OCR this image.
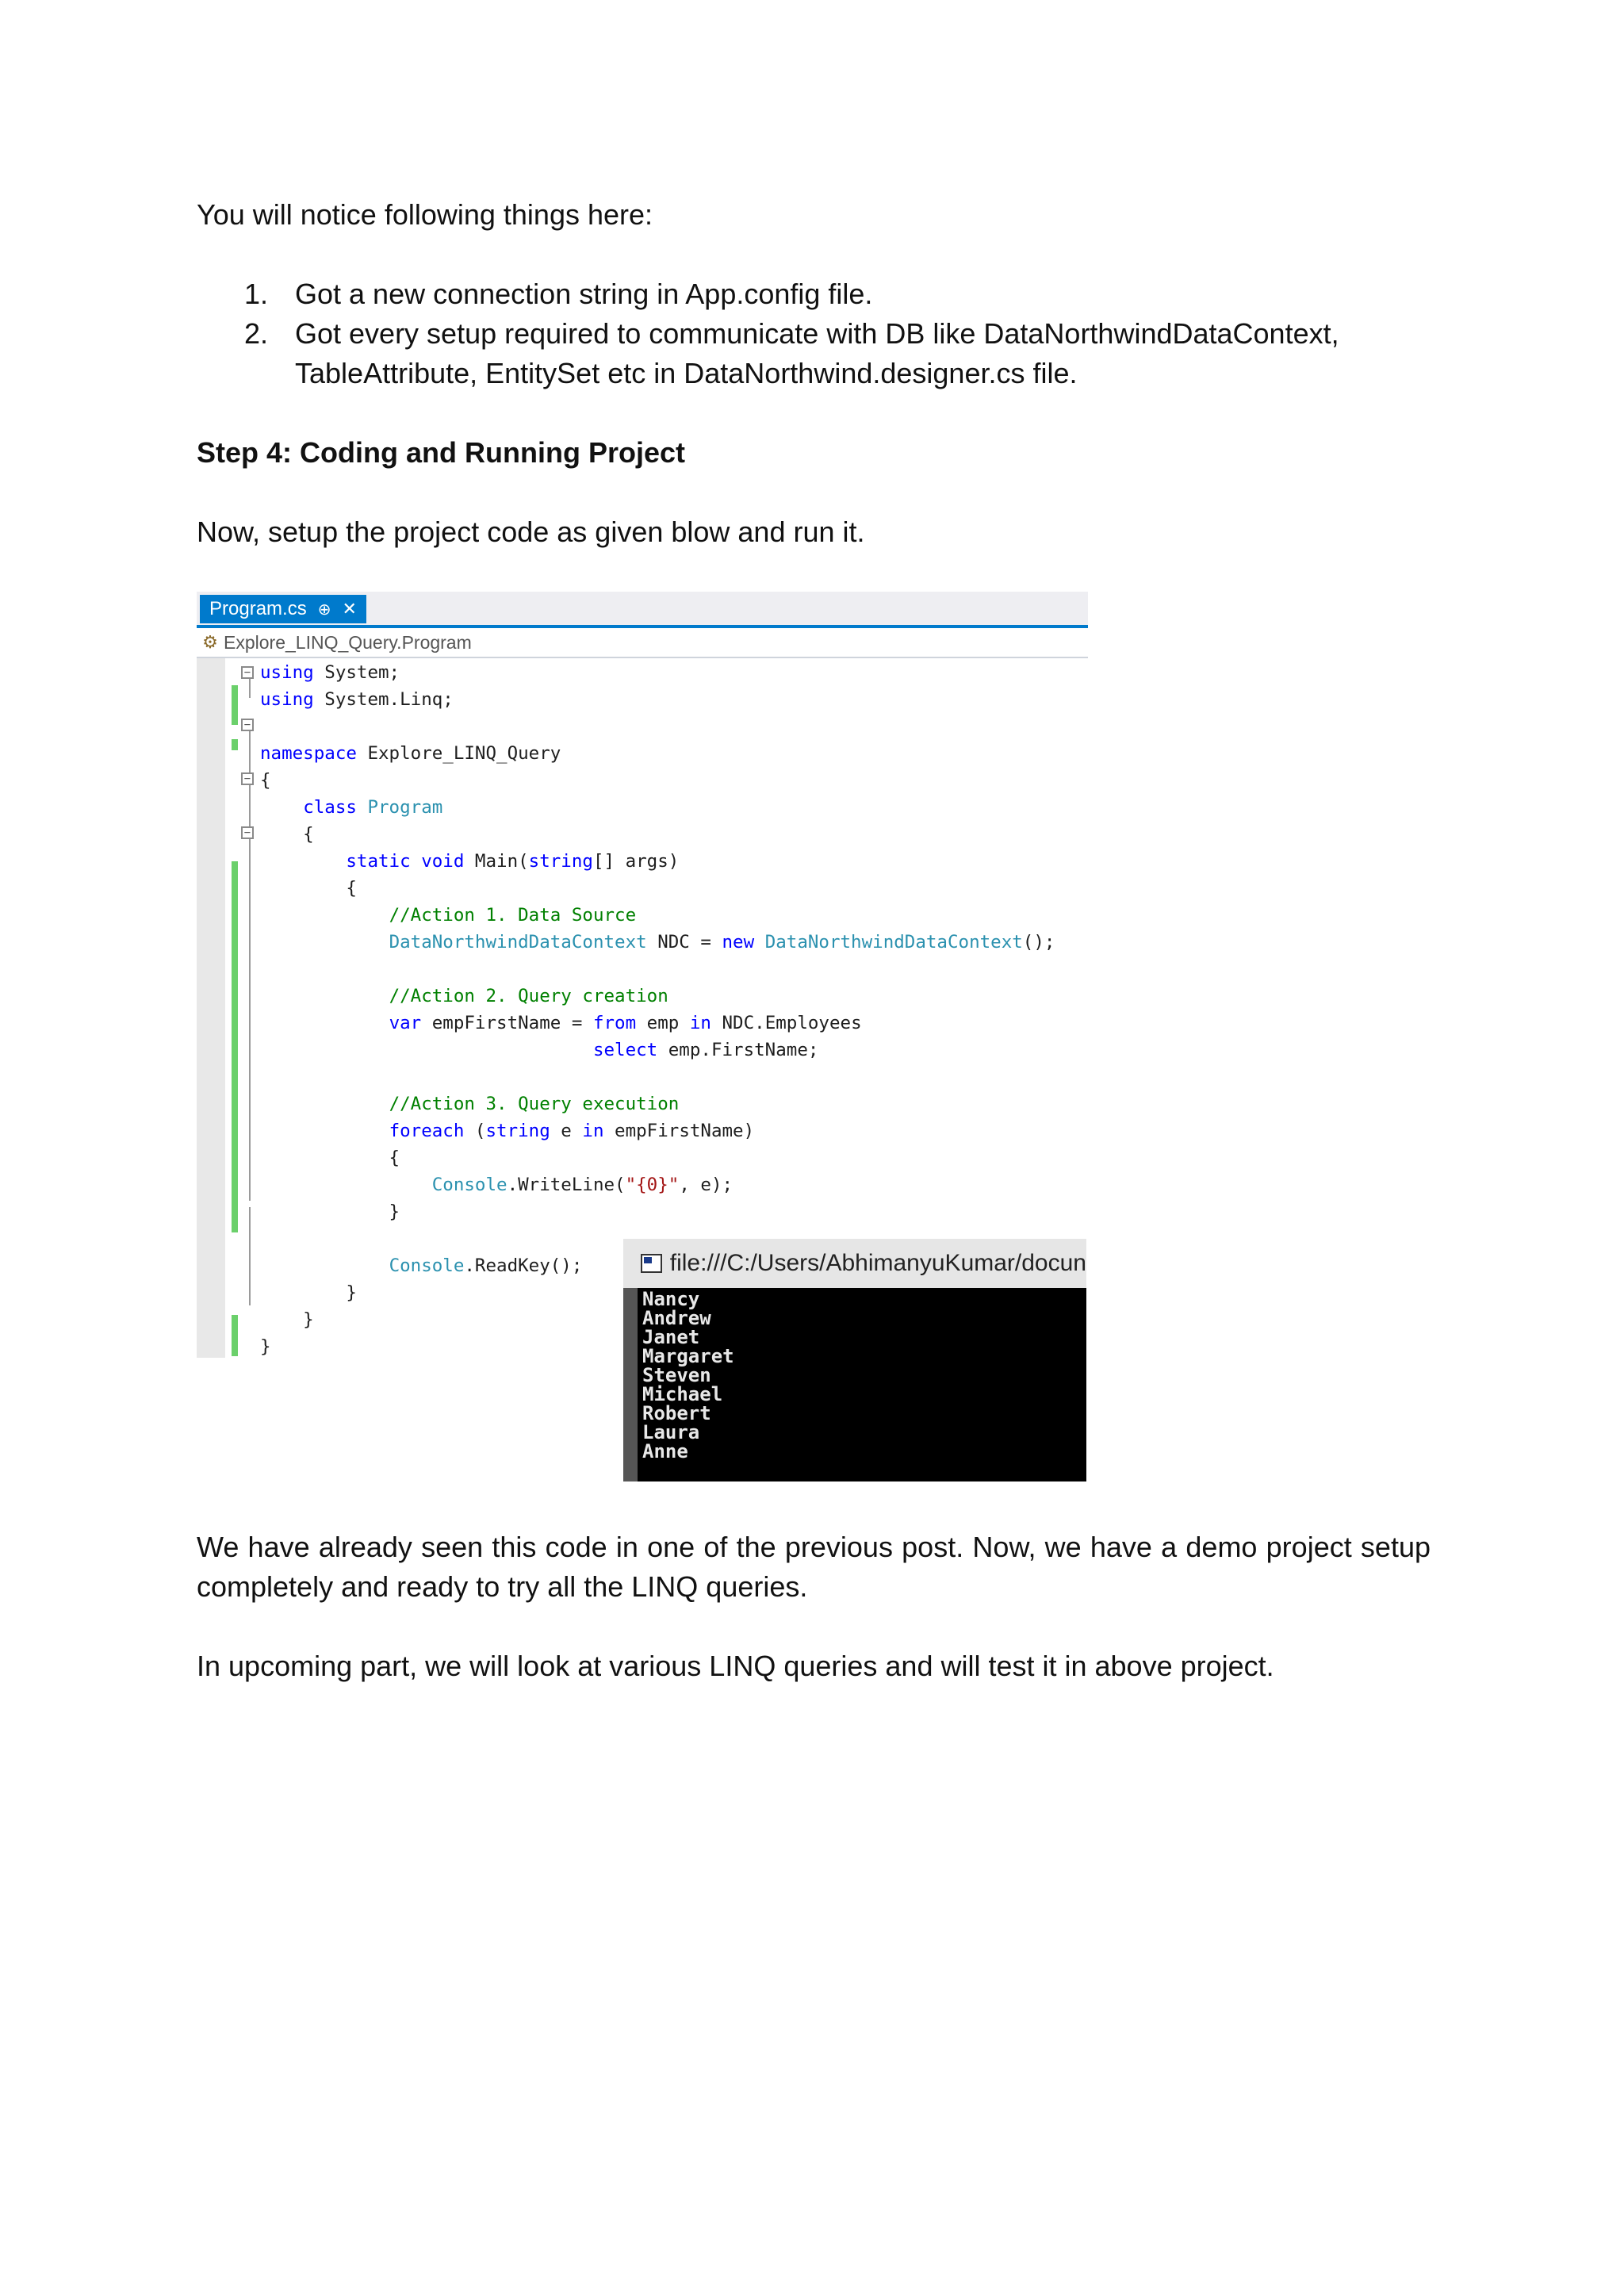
You will notice following things here:
1. Got a new connection string in App.config file.
2. Got every setup required to communicate with DB like DataNorthwindDataContext,
TableAttribute, EntitySet etc in DataNorthwind.designer.cs file.
Step 4: Coding and Running Project
Now, setup the project code as given blow and run it.
Program.cs ⊕ ✕
⚙ Explore_LINQ_Query.Program
−
−
−
−
using System;
using System.Linq;
namespace Explore_LINQ_Query
{
class Program
{
static void Main(string[] args)
{
//Action 1. Data Source
DataNorthwindDataContext NDC = new DataNorthwindDataContext();
//Action 2. Query creation
var empFirstName = from emp in NDC.Employees
select emp.FirstName;
//Action 3. Query execution
foreach (string e in empFirstName)
{
Console.WriteLine("{0}", e);
}
Console.ReadKey();
}
}
}
file:///C:/Users/AbhimanyuKumar/docun
Nancy
Andrew
Janet
Margaret
Steven
Michael
Robert
Laura
Anne
We have already seen this code in one of the previous post. Now, we have a demo project setup completely and ready to try all the LINQ queries.
In upcoming part, we will look at various LINQ queries and will test it in above project.
